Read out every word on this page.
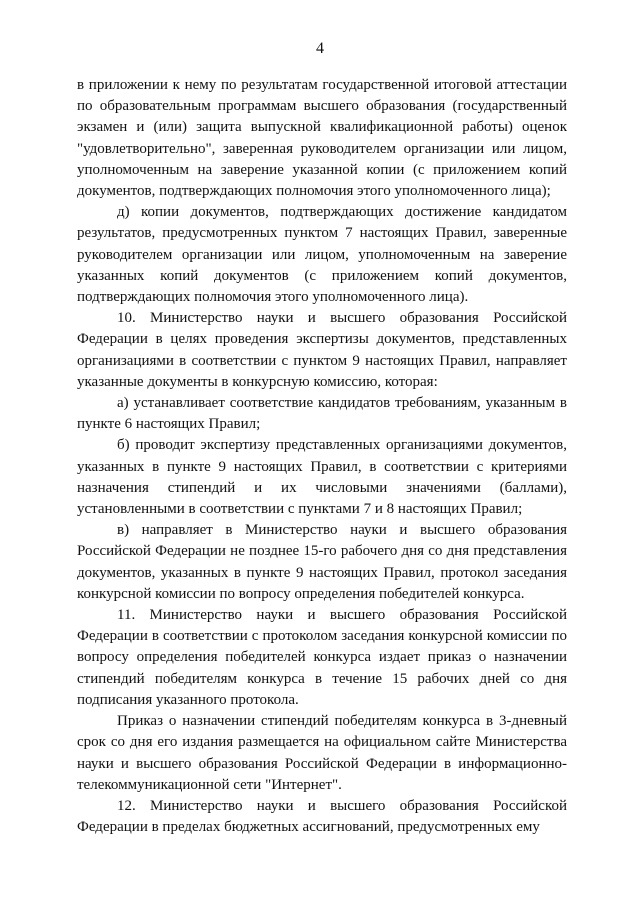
4

в приложении к нему по результатам государственной итоговой аттестации по образовательным программам высшего образования (государственный экзамен и (или) защита выпускной квалификационной работы) оценок "удовлетворительно", заверенная руководителем организации или лицом, уполномоченным на заверение указанной копии (с приложением копий документов, подтверждающих полномочия этого уполномоченного лица);

д) копии документов, подтверждающих достижение кандидатом результатов, предусмотренных пунктом 7 настоящих Правил, заверенные руководителем организации или лицом, уполномоченным на заверение указанных копий документов (с приложением копий документов, подтверждающих полномочия этого уполномоченного лица).

10. Министерство науки и высшего образования Российской Федерации в целях проведения экспертизы документов, представленных организациями в соответствии с пунктом 9 настоящих Правил, направляет указанные документы в конкурсную комиссию, которая:

а) устанавливает соответствие кандидатов требованиям, указанным в пункте 6 настоящих Правил;

б) проводит экспертизу представленных организациями документов, указанных в пункте 9 настоящих Правил, в соответствии с критериями назначения стипендий и их числовыми значениями (баллами), установленными в соответствии с пунктами 7 и 8 настоящих Правил;

в) направляет в Министерство науки и высшего образования Российской Федерации не позднее 15-го рабочего дня со дня представления документов, указанных в пункте 9 настоящих Правил, протокол заседания конкурсной комиссии по вопросу определения победителей конкурса.

11. Министерство науки и высшего образования Российской Федерации в соответствии с протоколом заседания конкурсной комиссии по вопросу определения победителей конкурса издает приказ о назначении стипендий победителям конкурса в течение 15 рабочих дней со дня подписания указанного протокола.

Приказ о назначении стипендий победителям конкурса в 3-дневный срок со дня его издания размещается на официальном сайте Министерства науки и высшего образования Российской Федерации в информационно-телекоммуникационной сети "Интернет".

12. Министерство науки и высшего образования Российской Федерации в пределах бюджетных ассигнований, предусмотренных ему
